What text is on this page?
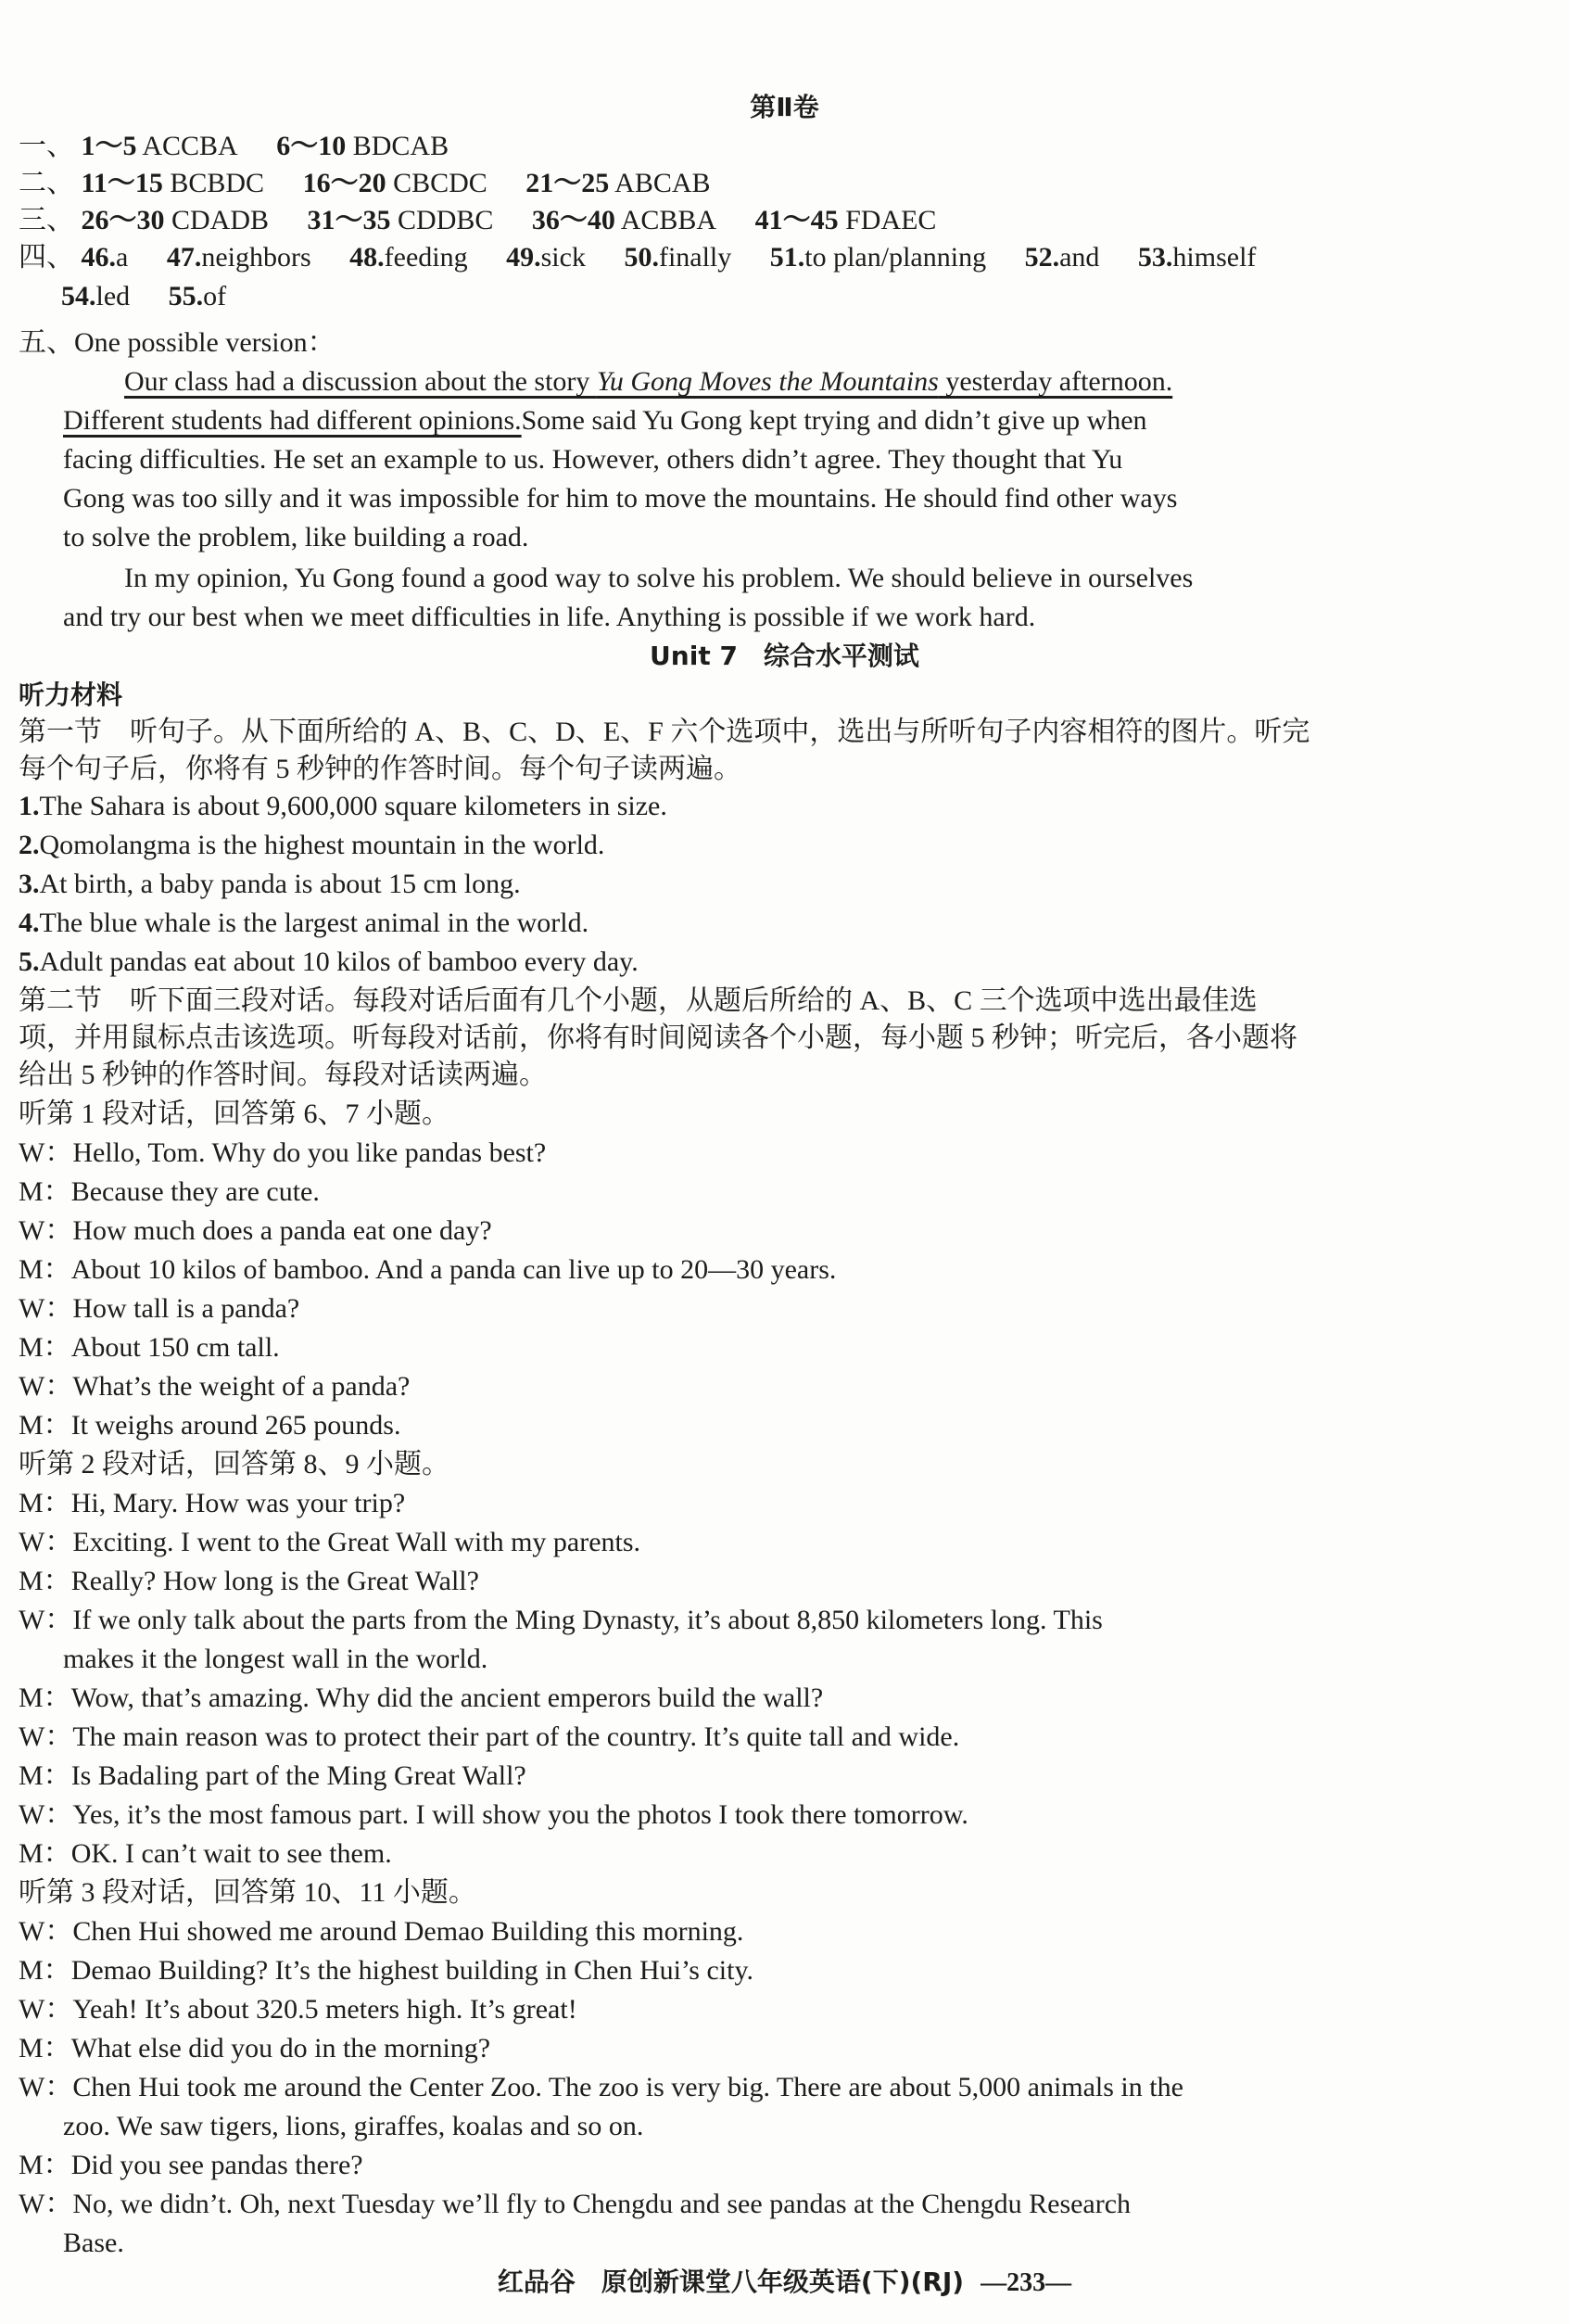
第Ⅱ卷
一、 1～5 ACCBA 6～10 BDCAB
二、 11～15 BCBDC 16～20 CBCDC 21～25 ABCAB
三、 26～30 CDADB 31～35 CDDBC 36～40 ACBBA 41～45 FDAEC
四、 46.a 47.neighbors 48.feeding 49.sick 50.finally 51.to plan/planning 52.and 53.himself
54.led 55.of
五、One possible version：
Our class had a discussion about the story Yu Gong Moves the Mountains yesterday afternoon.
Different students had different opinions.Some said Yu Gong kept trying and didn’t give up when
facing difficulties. He set an example to us. However, others didn’t agree. They thought that Yu
Gong was too silly and it was impossible for him to move the mountains. He should find other ways
to solve the problem, like building a road.
In my opinion, Yu Gong found a good way to solve his problem. We should believe in ourselves
and try our best when we meet difficulties in life. Anything is possible if we work hard.
Unit 7　综合水平测试
听力材料
第一节　听句子。从下面所给的 A、B、C、D、E、F 六个选项中，选出与所听句子内容相符的图片。听完
每个句子后，你将有 5 秒钟的作答时间。每个句子读两遍。
1.The Sahara is about 9,600,000 square kilometers in size.
2.Qomolangma is the highest mountain in the world.
3.At birth, a baby panda is about 15 cm long.
4.The blue whale is the largest animal in the world.
5.Adult pandas eat about 10 kilos of bamboo every day.
第二节　听下面三段对话。每段对话后面有几个小题，从题后所给的 A、B、C 三个选项中选出最佳选
项，并用鼠标点击该选项。听每段对话前，你将有时间阅读各个小题，每小题 5 秒钟；听完后，各小题将
给出 5 秒钟的作答时间。每段对话读两遍。
听第 1 段对话，回答第 6、7 小题。
W：Hello, Tom. Why do you like pandas best?
M：Because they are cute.
W：How much does a panda eat one day?
M：About 10 kilos of bamboo. And a panda can live up to 20—30 years.
W：How tall is a panda?
M：About 150 cm tall.
W：What’s the weight of a panda?
M：It weighs around 265 pounds.
听第 2 段对话，回答第 8、9 小题。
M：Hi, Mary. How was your trip?
W：Exciting. I went to the Great Wall with my parents.
M：Really? How long is the Great Wall?
W：If we only talk about the parts from the Ming Dynasty, it’s about 8,850 kilometers long. This
makes it the longest wall in the world.
M：Wow, that’s amazing. Why did the ancient emperors build the wall?
W：The main reason was to protect their part of the country. It’s quite tall and wide.
M：Is Badaling part of the Ming Great Wall?
W：Yes, it’s the most famous part. I will show you the photos I took there tomorrow.
M：OK. I can’t wait to see them.
听第 3 段对话，回答第 10、11 小题。
W：Chen Hui showed me around Demao Building this morning.
M：Demao Building? It’s the highest building in Chen Hui’s city.
W：Yeah! It’s about 320.5 meters high. It’s great!
M：What else did you do in the morning?
W：Chen Hui took me around the Center Zoo. The zoo is very big. There are about 5,000 animals in the
zoo. We saw tigers, lions, giraffes, koalas and so on.
M：Did you see pandas there?
W：No, we didn’t. Oh, next Tuesday we’ll fly to Chengdu and see pandas at the Chengdu Research
Base.
红品谷　原创新课堂八年级英语(下)(RJ) —233—
